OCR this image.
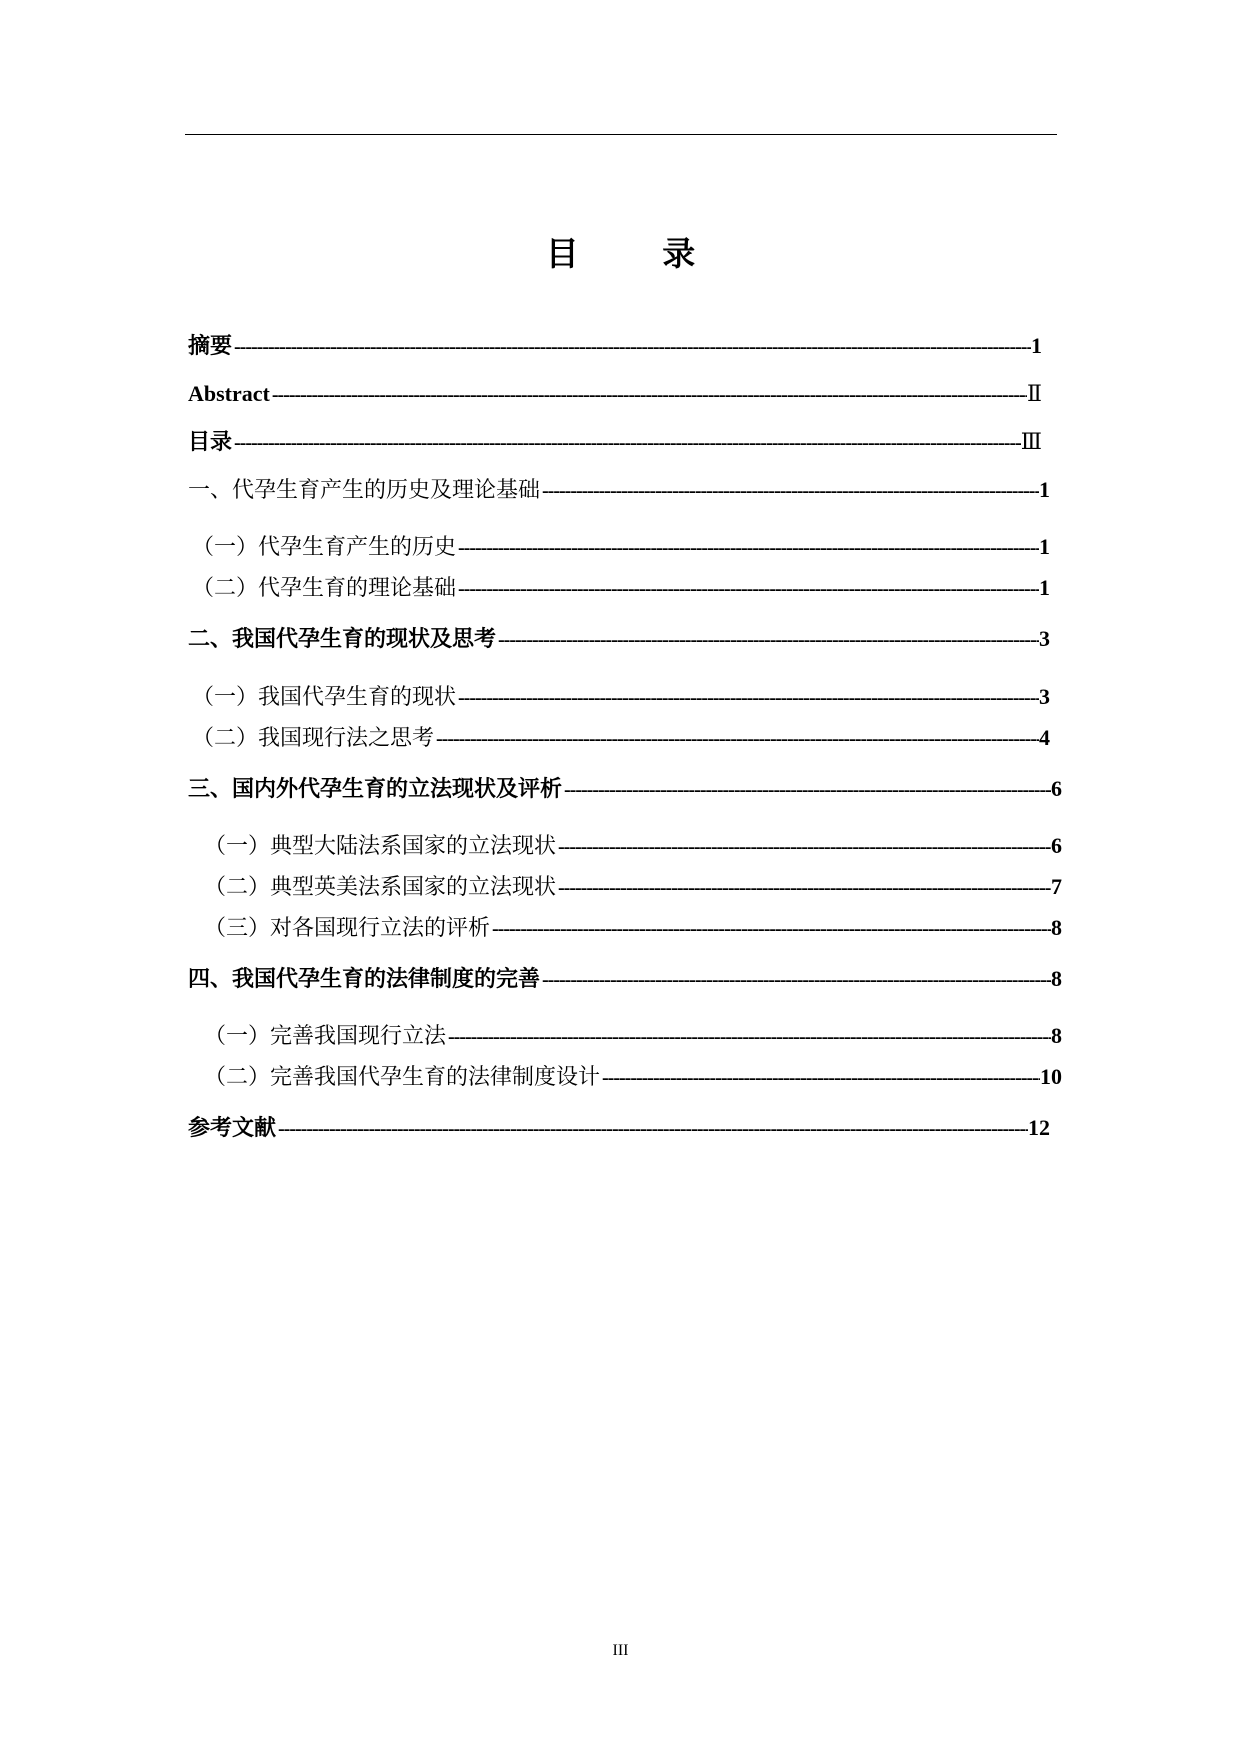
目 录
摘要 -----	1
Abstract -----	Ⅱ
目录 -----	Ⅲ
一、代孕生育产生的历史及理论基础 -----	1
（一）代孕生育产生的历史 -----	1
（二）代孕生育的理论基础 -----	1
二、我国代孕生育的现状及思考 -----	3
（一）我国代孕生育的现状 -----	3
（二）我国现行法之思考 -----	4
三、国内外代孕生育的立法现状及评析 -----	6
（一）典型大陆法系国家的立法现状 -----	6
（二）典型英美法系国家的立法现状 -----	7
（三）对各国现行立法的评析 -----	8
四、我国代孕生育的法律制度的完善 -----	8
（一）完善我国现行立法 -----	8
（二）完善我国代孕生育的法律制度设计 -----	10
参考文献 -----	12
III
